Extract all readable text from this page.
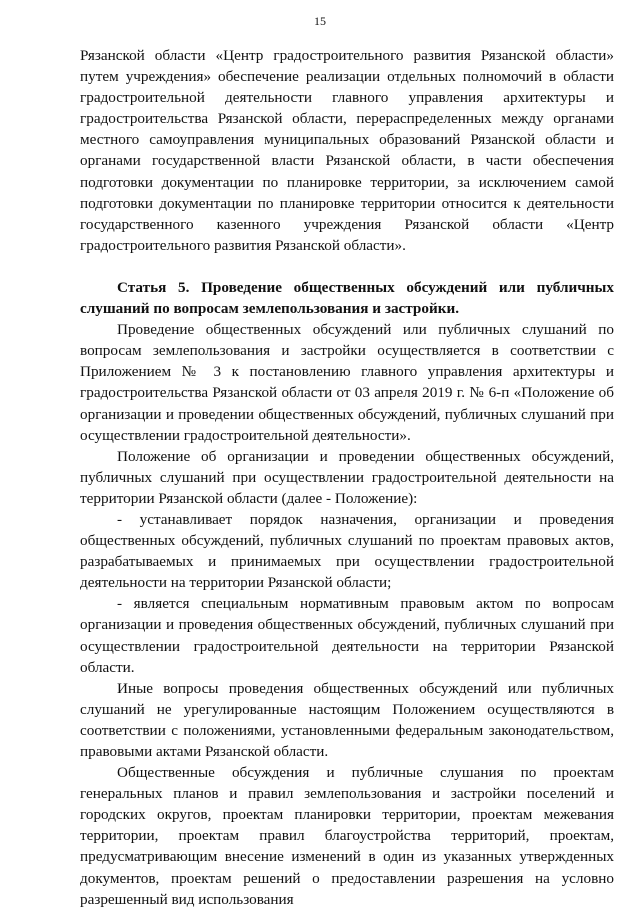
15

Рязанской области «Центр градостроительного развития Рязанской области» путем учреждения» обеспечение реализации отдельных полномочий в области градостроительной деятельности главного управления архитектуры и градостроительства Рязанской области, перераспределенных между органами местного самоуправления муниципальных образований Рязанской области и органами государственной власти Рязанской области, в части обеспечения подготовки документации по планировке территории, за исключением самой подготовки документации по планировке территории относится к деятельности государственного казенного учреждения Рязанской области «Центр градостроительного развития Рязанской области».

Статья 5. Проведение общественных обсуждений или публичных слушаний по вопросам землепользования и застройки.

Проведение общественных обсуждений или публичных слушаний по вопросам землепользования и застройки осуществляется в соответствии с Приложением № 3 к постановлению главного управления архитектуры и градостроительства Рязанской области от 03 апреля 2019 г. № 6-п «Положение об организации и проведении общественных обсуждений, публичных слушаний при осуществлении градостроительной деятельности».

Положение об организации и проведении общественных обсуждений, публичных слушаний при осуществлении градостроительной деятельности на территории Рязанской области (далее - Положение):

- устанавливает порядок назначения, организации и проведения общественных обсуждений, публичных слушаний по проектам правовых актов, разрабатываемых и принимаемых при осуществлении градостроительной деятельности на территории Рязанской области;

- является специальным нормативным правовым актом по вопросам организации и проведения общественных обсуждений, публичных слушаний при осуществлении градостроительной деятельности на территории Рязанской области.

Иные вопросы проведения общественных обсуждений или публичных слушаний не урегулированные настоящим Положением осуществляются в соответствии с положениями, установленными федеральным законодательством, правовыми актами Рязанской области.

Общественные обсуждения и публичные слушания по проектам генеральных планов и правил землепользования и застройки поселений и городских округов, проектам планировки территории, проектам межевания территории, проектам правил благоустройства территорий, проектам, предусматривающим внесение изменений в один из указанных утвержденных документов, проектам решений о предоставлении разрешения на условно разрешенный вид использования
